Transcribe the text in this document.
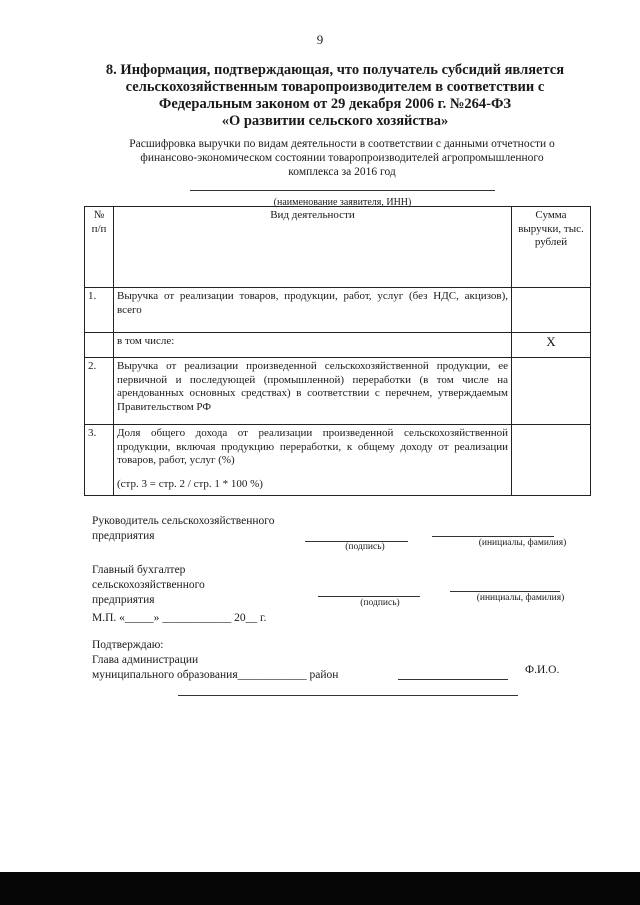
9
8. Информация, подтверждающая, что получатель субсидий является
сельскохозяйственным товаропроизводителем в соответствии с
Федеральным законом от 29 декабря 2006 г. №264-ФЗ
«О развитии сельского хозяйства»
Расшифровка выручки по видам деятельности в соответствии с данными отчетности о
финансово-экономическом состоянии товаропроизводителей агропромышленного
комплекса за 2016 год
(наименование заявителя, ИНН)
№ п/п	Вид деятельности	Сумма выручки, тыс. рублей
1.	Выручка от реализации товаров, продукции, работ, услуг (без НДС, акцизов), всего	
	в том числе:	X
2.	Выручка от реализации произведенной сельскохозяйственной продукции, ее первичной и последующей (промышленной) переработки (в том числе на арендованных основных средствах) в соответствии с перечнем, утверждаемым Правительством РФ	
3.	Доля общего дохода от реализации произведенной сельскохозяйственной продукции, включая продукцию переработки, к общему доходу от реализации товаров, работ, услуг (%)
(стр. 3 = стр. 2 / стр. 1 * 100 %)	

Руководитель сельскохозяйственного
предприятия
(подпись)	(инициалы, фамилия)
Главный бухгалтер
сельскохозяйственного
предприятия	(подпись)	(инициалы, фамилия)
М.П. «_____» ____________ 20__ г.
Подтверждаю:
Глава администрации
муниципального образования____________ район	Ф.И.О.
